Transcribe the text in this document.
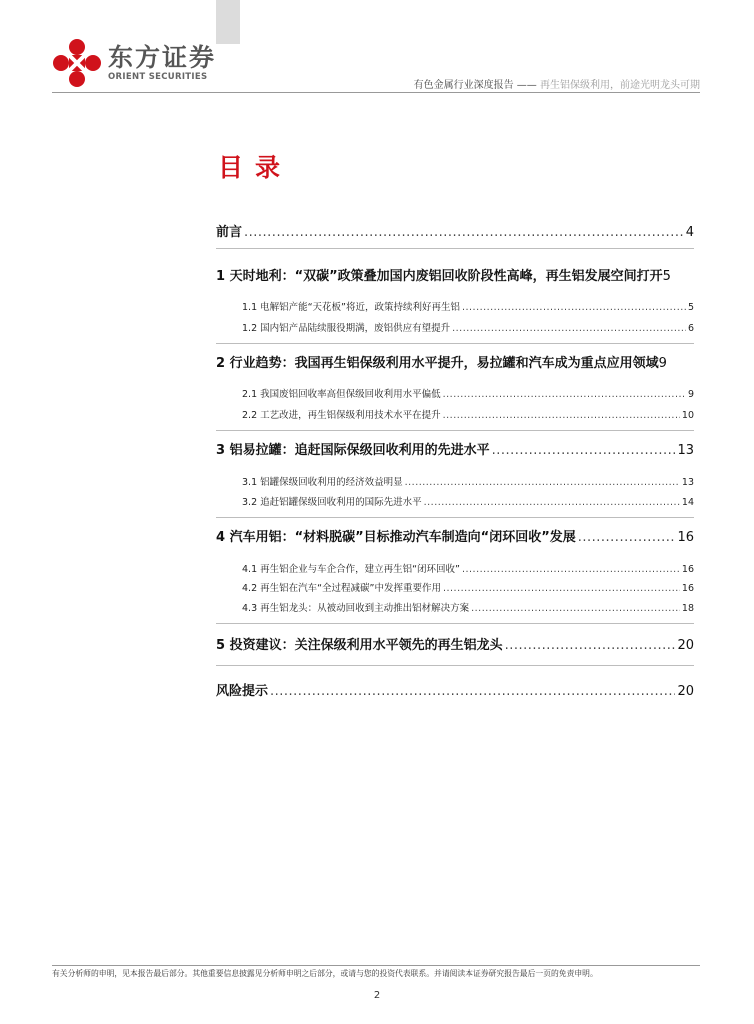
东方证券
ORIENT SECURITIES
有色金属行业深度报告 —— 再生铝保级利用，前途光明龙头可期
目录
前言 .....	4
1 天时地利：“双碳”政策叠加国内废铝回收阶段性高峰，再生铝发展空间打开 5
1.1 电解铝产能“天花板”将近，政策持续利好再生铝 .....	5
1.2 国内铝产品陆续服役期满，废铝供应有望提升 .....	6
2 行业趋势：我国再生铝保级利用水平提升，易拉罐和汽车成为重点应用领域 9
2.1 我国废铝回收率高但保级回收利用水平偏低 .....	9
2.2 工艺改进，再生铝保级利用技术水平在提升 .....	10
3 铝易拉罐：追赶国际保级回收利用的先进水平 .....	13
3.1 铝罐保级回收利用的经济效益明显 .....	13
3.2 追赶铝罐保级回收利用的国际先进水平 .....	14
4 汽车用铝：“材料脱碳”目标推动汽车制造向“闭环回收”发展 .....	16
4.1 再生铝企业与车企合作，建立再生铝“闭环回收” .....	16
4.2 再生铝在汽车“全过程减碳”中发挥重要作用 .....	16
4.3 再生铝龙头：从被动回收到主动推出铝材解决方案 .....	18
5 投资建议：关注保级利用水平领先的再生铝龙头 .....	20
风险提示 .....	20
有关分析师的申明，见本报告最后部分。其他重要信息披露见分析师申明之后部分，或请与您的投资代表联系。并请阅读本证券研究报告最后一页的免责申明。
2
